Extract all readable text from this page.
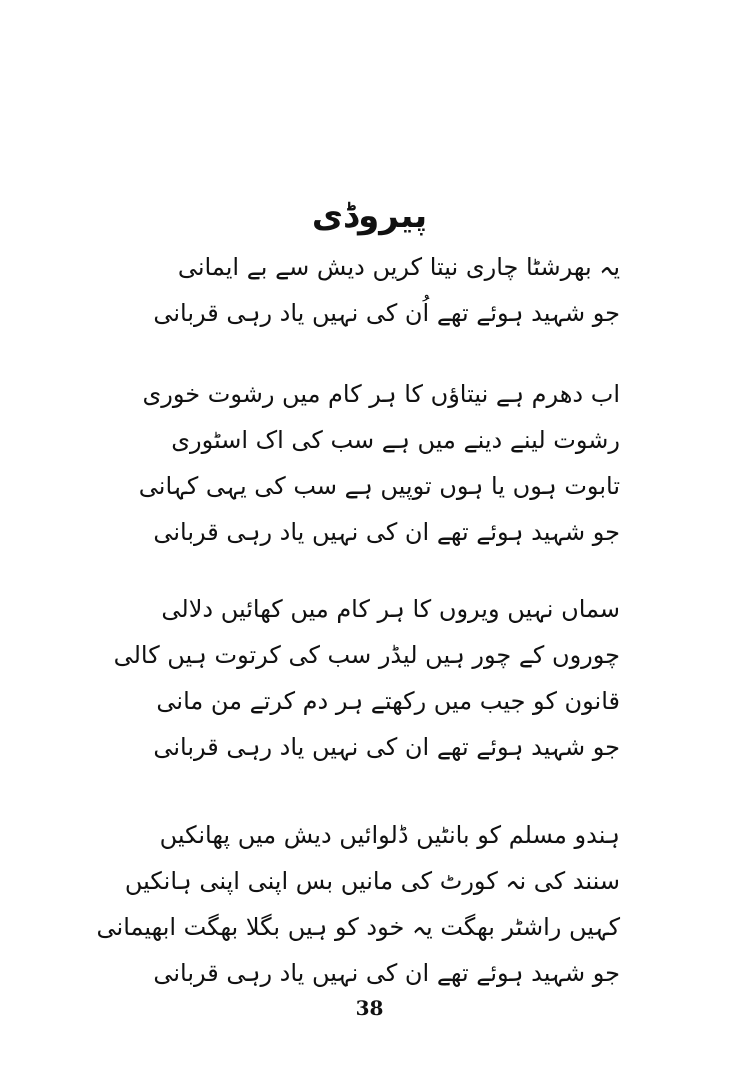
پیروڈی
یہ بھرشٹا چاری نیتا کریں دیش سے بے ایمانی
جو شہید ہوئے تھے اُن کی نہیں یاد رہی قربانی
اب دھرم ہے نیتاؤں کا ہر کام میں رشوت خوری
رشوت لینے دینے میں ہے سب کی اک اسٹوری
تابوت ہوں یا ہوں توپیں ہے سب کی یہی کہانی
جو شہید ہوئے تھے ان کی نہیں یاد رہی قربانی
سماں نہیں ویروں کا ہر کام میں کھائیں دلالی
چوروں کے چور ہیں لیڈر سب کی کرتوت ہیں کالی
قانون کو جیب میں رکھتے ہر دم کرتے من مانی
جو شہید ہوئے تھے ان کی نہیں یاد رہی قربانی
ہندو مسلم کو بانٹیں ڈلوائیں دیش میں پھانکیں
سنند کی نہ کورٹ کی مانیں بس اپنی اپنی ہانکیں
کہیں راشٹر بھگت یہ خود کو ہیں بگلا بھگت ابھیمانی
جو شہید ہوئے تھے ان کی نہیں یاد رہی قربانی
38
